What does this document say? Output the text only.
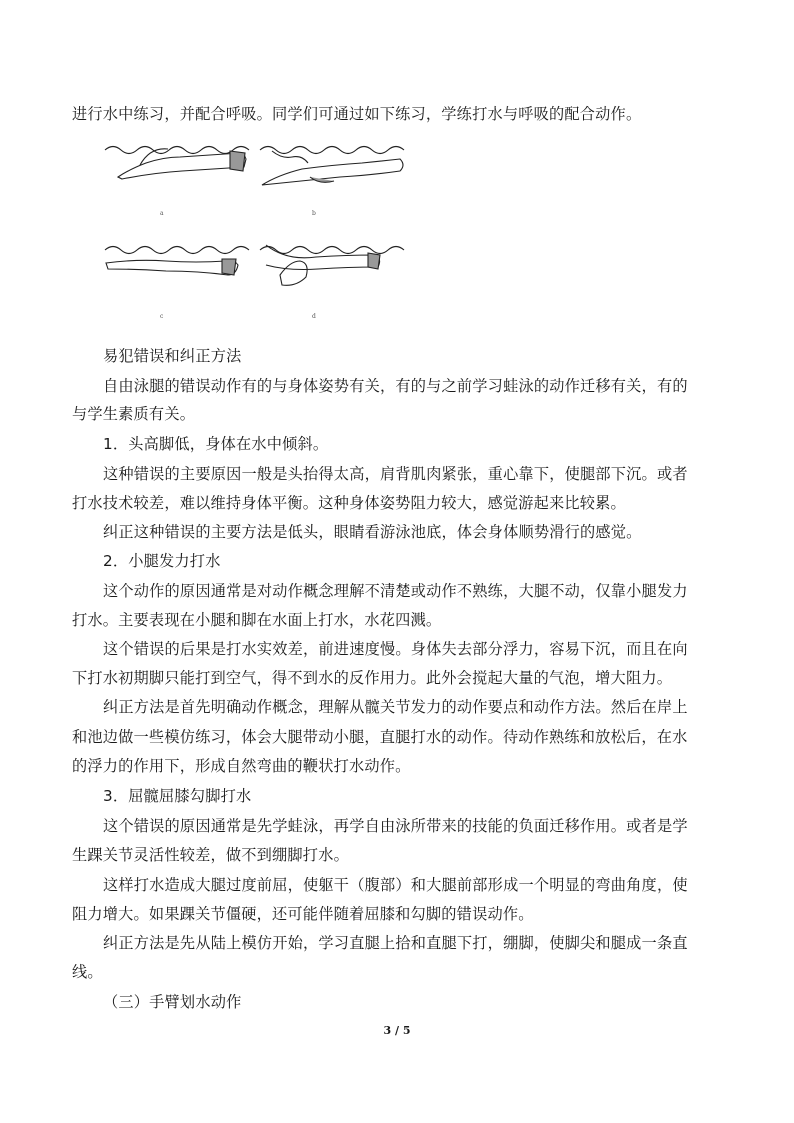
进行水中练习，并配合呼吸。同学们可通过如下练习，学练打水与呼吸的配合动作。
a	b
c	d
易犯错误和纠正方法
自由泳腿的错误动作有的与身体姿势有关，有的与之前学习蛙泳的动作迁移有关，有的
与学生素质有关。
1．头高脚低，身体在水中倾斜。
这种错误的主要原因一般是头抬得太高，肩背肌肉紧张，重心靠下，使腿部下沉。或者
打水技术较差，难以维持身体平衡。这种身体姿势阻力较大，感觉游起来比较累。
纠正这种错误的主要方法是低头，眼睛看游泳池底，体会身体顺势滑行的感觉。
2．小腿发力打水
这个动作的原因通常是对动作概念理解不清楚或动作不熟练，大腿不动，仅靠小腿发力
打水。主要表现在小腿和脚在水面上打水，水花四溅。
这个错误的后果是打水实效差，前进速度慢。身体失去部分浮力，容易下沉，而且在向
下打水初期脚只能打到空气，得不到水的反作用力。此外会搅起大量的气泡，增大阻力。
纠正方法是首先明确动作概念，理解从髋关节发力的动作要点和动作方法。然后在岸上
和池边做一些模仿练习，体会大腿带动小腿，直腿打水的动作。待动作熟练和放松后，在水
的浮力的作用下，形成自然弯曲的鞭状打水动作。
3．屈髋屈膝勾脚打水
这个错误的原因通常是先学蛙泳，再学自由泳所带来的技能的负面迁移作用。或者是学
生踝关节灵活性较差，做不到绷脚打水。
这样打水造成大腿过度前屈，使躯干（腹部）和大腿前部形成一个明显的弯曲角度，使
阻力增大。如果踝关节僵硬，还可能伴随着屈膝和勾脚的错误动作。
纠正方法是先从陆上模仿开始，学习直腿上拾和直腿下打，绷脚，使脚尖和腿成一条直
线。
（三）手臂划水动作
3 / 5
